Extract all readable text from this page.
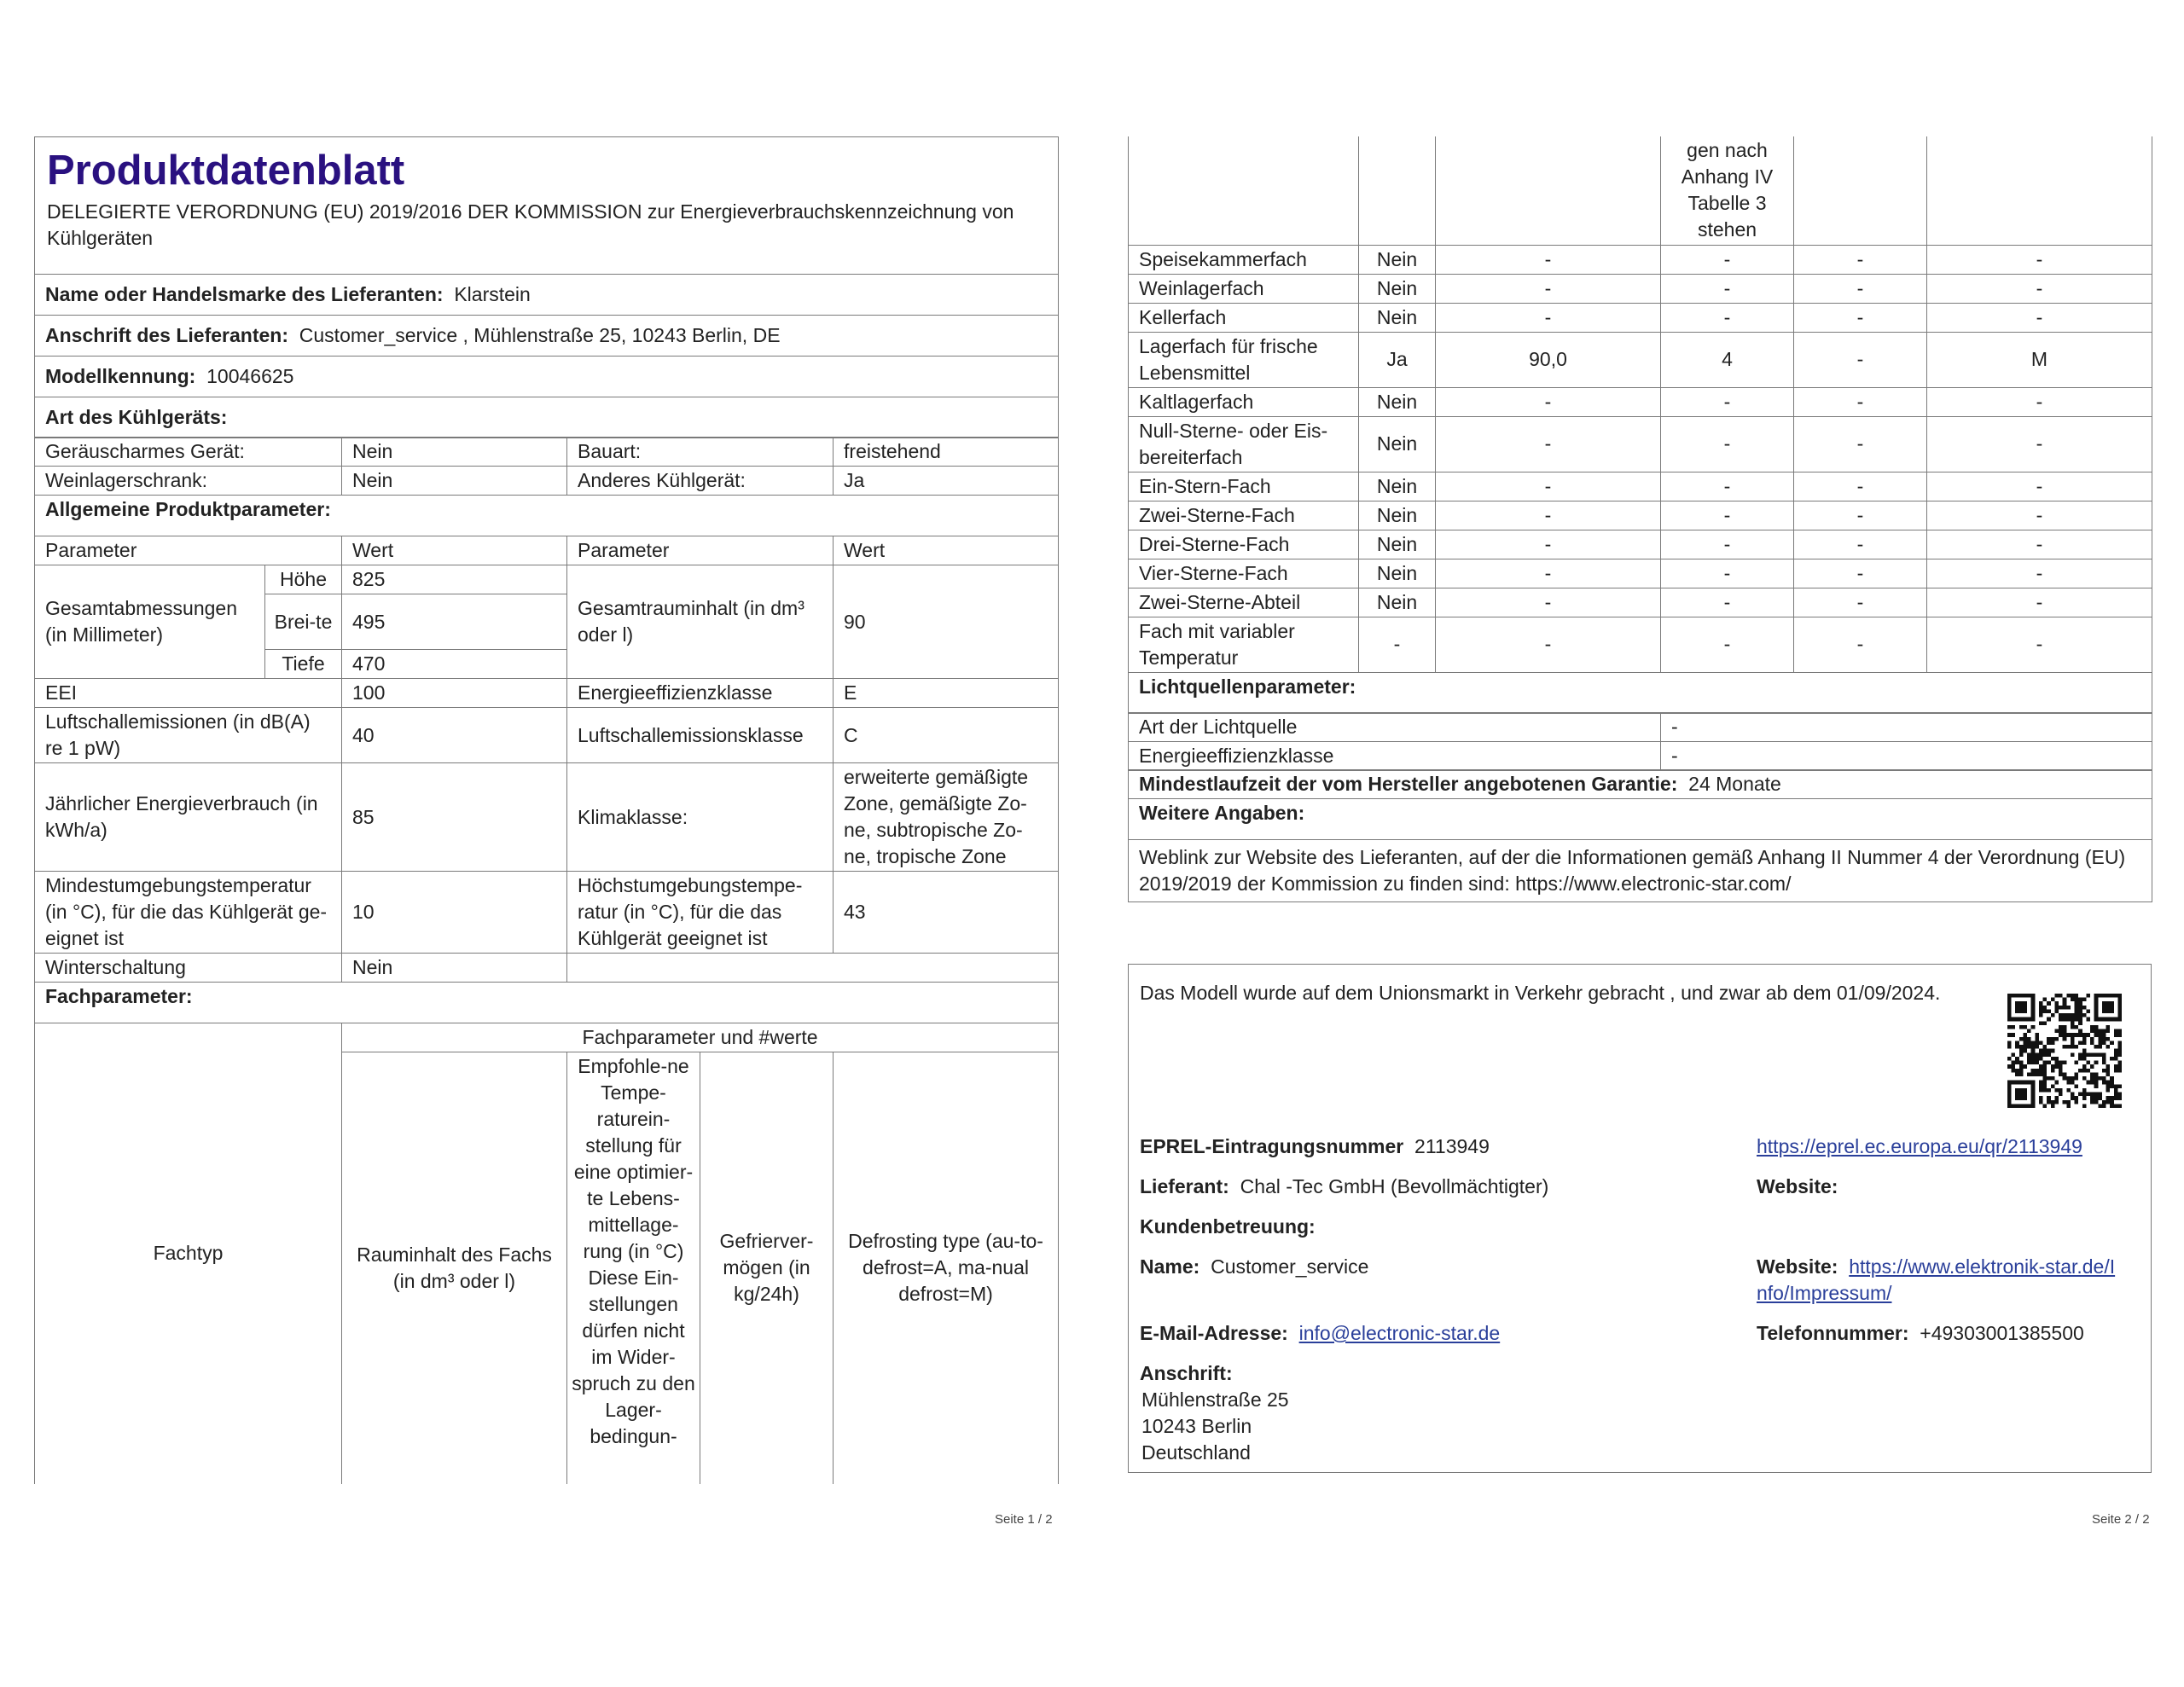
Produktdatenblatt
DELEGIERTE VERORDNUNG (EU) 2019/2016 DER KOMMISSION zur Energieverbrauchskennzeichnung von Kühlgeräten

Name oder Handelsmarke des Lieferanten: Klarstein
Anschrift des Lieferanten: Customer_service , Mühlenstraße 25, 10243 Berlin, DE
Modellkennung: 10046625
Art des Kühlgeräts:
Geräuscharmes Gerät:		Nein	Bauart:	freistehend
Weinlagerschrank:		Nein	Anderes Kühlgerät:	Ja
Allgemeine Produktparameter:				
Parameter		Wert	Parameter	Wert
Gesamtabmessungen (in Millimeter)	Höhe	825	Gesamtrauminhalt (in dm³ oder l)	90
	Brei-te	495		
	Tiefe	470		
EEI		100	Energieeffizienzklasse	E
Luftschallemissionen (in dB(A) re 1 pW)		40	Luftschallemissionsklasse	C
Jährlicher Energieverbrauch (in kWh/a)		85	Klimaklasse:	erweiterte gemäßigte Zone, gemäßigte Zo-ne, subtropische Zo-ne, tropische Zone
Mindestumgebungstemperatur (in °C), für die das Kühlgerät ge-eignet ist		10	Höchstumgebungstempe-ratur (in °C), für die das Kühlgerät geeignet ist	43
Winterschaltung		Nein		
Fachparameter:				
Fachtyp	Fachparameter und #werte			
	Rauminhalt des Fachs (in dm³ oder l)	Empfohle-ne Tempe-raturein-stellung für eine optimier-te Lebens-mittellage-rung (in °C) Diese Ein-stellungen dürfen nicht im Wider-spruch zu den Lager-bedingun-	Gefrierver-mögen (in kg/24h)	Defrosting type (au-to-defrost=A, ma-nual defrost=M)
Seite 1 / 2
			gen nach Anhang IV Tabelle 3 stehen		
Speisekammerfach	Nein	-	-	-	-
Weinlagerfach	Nein	-	-	-	-
Kellerfach	Nein	-	-	-	-
Lagerfach für frische Lebensmittel	Ja	90,0	4	-	M
Kaltlagerfach	Nein	-	-	-	-
Null-Sterne- oder Eis-bereiterfach	Nein	-	-	-	-
Ein-Stern-Fach	Nein	-	-	-	-
Zwei-Sterne-Fach	Nein	-	-	-	-
Drei-Sterne-Fach	Nein	-	-	-	-
Vier-Sterne-Fach	Nein	-	-	-	-
Zwei-Sterne-Abteil	Nein	-	-	-	-
Fach mit variabler Temperatur	-	-	-	-	-
Lichtquellenparameter:					
Art der Lichtquelle	-
Energieeffizienzklasse	-
Mindestlaufzeit der vom Hersteller angebotenen Garantie: 24 Monate
Weitere Angaben:
Weblink zur Website des Lieferanten, auf der die Informationen gemäß Anhang II Nummer 4 der Verordnung (EU) 2019/2019 der Kommission zu finden sind: https://www.electronic-star.com/
Das Modell wurde auf dem Unionsmarkt in Verkehr gebracht , und zwar ab dem 01/09/2024.
EPREL-Eintragungsnummer 2113949	https://eprel.ec.europa.eu/qr/2113949
Lieferant: Chal -Tec GmbH (Bevollmächtigter)	Website:
Kundenbetreuung:
Name: Customer_service	Website: https://www.elektronik-star.de/I
nfo/Impressum/
E-Mail-Adresse: info@electronic-star.de	Telefonnummer: +49303001385500
Anschrift:
Mühlenstraße 25
10243 Berlin
Deutschland
Seite 2 / 2
